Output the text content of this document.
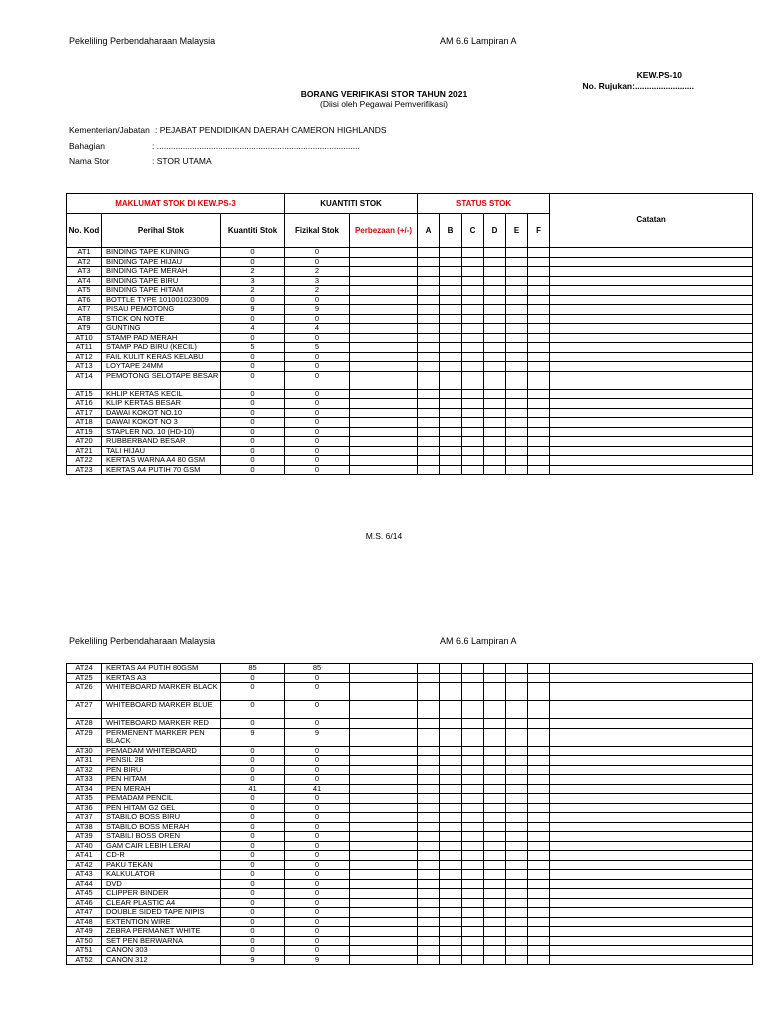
Pekeliling Perbendaharaan Malaysia	AM 6.6 Lampiran A
KEW.PS-10
No. Rujukan:.........................
BORANG VERIFIKASI STOR TAHUN 2021
(Diisi oleh Pegawai Pemverifikasi)
Kementerian/Jabatan : PEJABAT PENDIDIKAN DAERAH CAMERON HIGHLANDS
Bahagian	: ......................................................................................
Nama Stor	: STOR UTAMA
MAKLUMAT STOK DI KEW.PS-3			KUANTITI STOK		STATUS STOK						Catatan
No. Kod	Perihal Stok	Kuantiti Stok	Fizikal Stok	Perbezaan (+/-)	A	B	C	D	E	F	
AT1	BINDING TAPE KUNING	0	0								
AT2	BINDING TAPE HIJAU	0	0								
AT3	BINDING TAPE MERAH	2	2								
AT4	BINDING TAPE BIRU	3	3								
AT5	BINDING TAPE HITAM	2	2								
AT6	BOTTLE TYPE 101001023009	0	0								
AT7	PISAU PEMOTONG	9	9								
AT8	STICK ON NOTE	0	0								
AT9	GUNTING	4	4								
AT10	STAMP PAD MERAH	0	0								
AT11	STAMP PAD BIRU (KECIL)	5	5								
AT12	FAIL KULIT KERAS KELABU	0	0								
AT13	LOYTAPE 24MM	0	0								
AT14	PEMOTONG SELOTAPE BESAR	0	0								
AT15	KHLIP KERTAS KECIL	0	0								
AT16	KLIP KERTAS BESAR	0	0								
AT17	DAWAI KOKOT NO.10	0	0								
AT18	DAWAI KOKOT NO 3	0	0								
AT19	STAPLER NO. 10 (HD-10)	0	0								
AT20	RUBBERBAND BESAR	0	0								
AT21	TALI HIJAU	0	0								
AT22	KERTAS WARNA A4 80 GSM	0	0								
AT23	KERTAS A4 PUTIH 70 GSM	0	0								
M.S. 6/14
Pekeliling Perbendaharaan Malaysia	AM 6.6 Lampiran A
AT24	KERTAS A4 PUTIH 80GSM	85	85								
AT25	KERTAS A3	0	0								
AT26	WHITEBOARD MARKER BLACK	0	0								
AT27	WHITEBOARD MARKER BLUE	0	0								
AT28	WHITEBOARD MARKER RED	0	0								
AT29	PERMENENT MARKER PEN BLACK	9	9								
AT30	PEMADAM WHITEBOARD	0	0								
AT31	PENSIL 2B	0	0								
AT32	PEN BIRU	0	0								
AT33	PEN HITAM	0	0								
AT34	PEN MERAH	41	41								
AT35	PEMADAM PENCIL	0	0								
AT36	PEN HITAM G2 GEL	0	0								
AT37	STABILO BOSS BIRU	0	0								
AT38	STABILO BOSS MERAH	0	0								
AT39	STABILI BOSS OREN	0	0								
AT40	GAM CAIR LEBIH LERAI	0	0								
AT41	CD-R	0	0								
AT42	PAKU TEKAN	0	0								
AT43	KALKULATOR	0	0								
AT44	DVD	0	0								
AT45	CLIPPER BINDER	0	0								
AT46	CLEAR PLASTIC A4	0	0								
AT47	DOUBLE SIDED TAPE NIPIS	0	0								
AT48	EXTENTION WIRE	0	0								
AT49	ZEBRA PERMANET WHITE	0	0								
AT50	SET PEN BERWARNA	0	0								
AT51	CANON 303	0	0								
AT52	CANON 312	9	9								
